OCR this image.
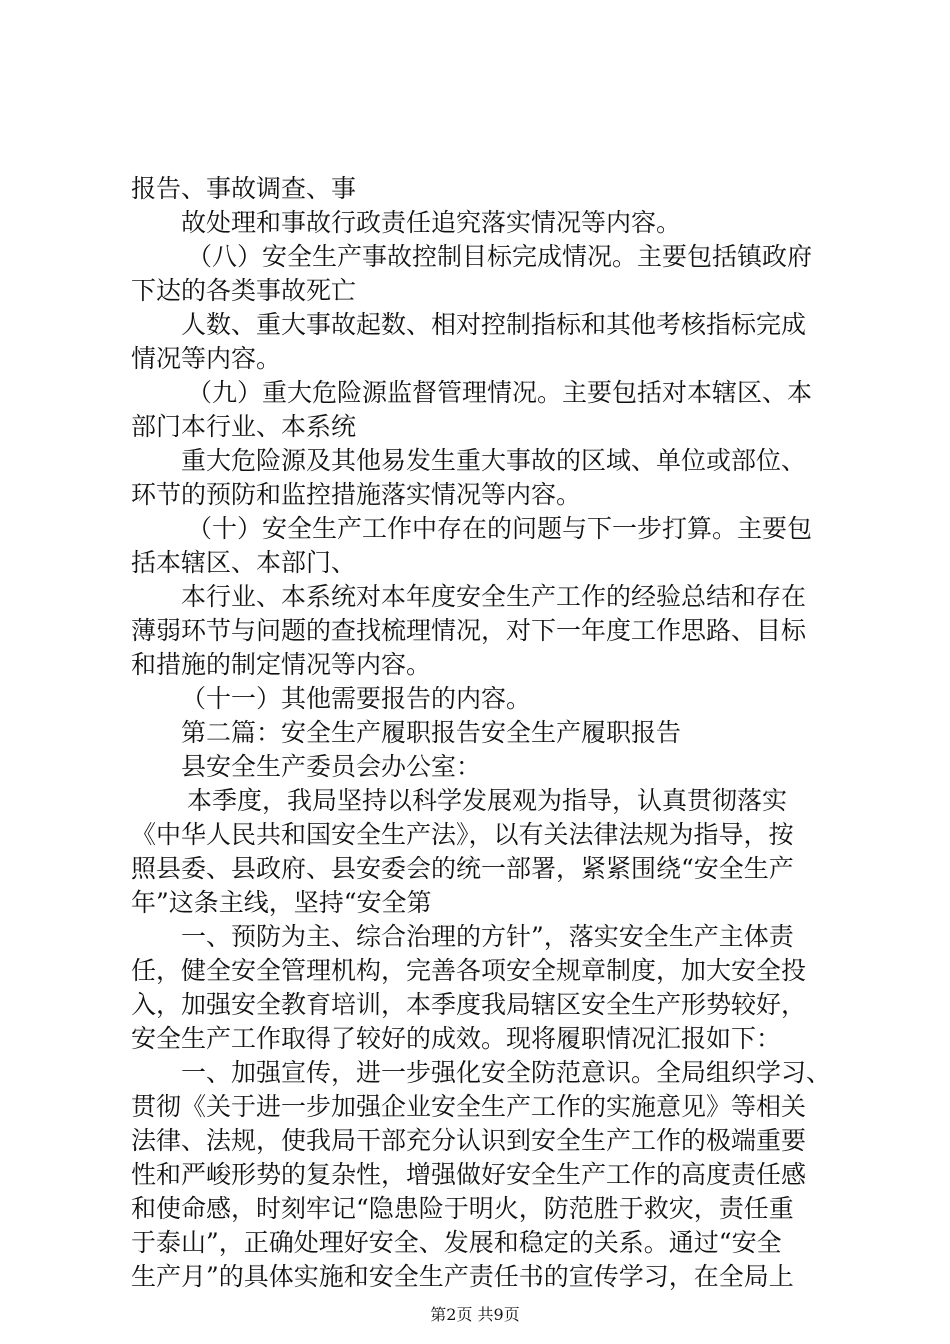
报告、事故调查、事
故处理和事故行政责任追究落实情况等内容。
（八）安全生产事故控制目标完成情况。主要包括镇政府
下达的各类事故死亡
人数、重大事故起数、相对控制指标和其他考核指标完成
情况等内容。
（九）重大危险源监督管理情况。主要包括对本辖区、本
部门本行业、本系统
重大危险源及其他易发生重大事故的区域、单位或部位、
环节的预防和监控措施落实情况等内容。
（十）安全生产工作中存在的问题与下一步打算。主要包
括本辖区、本部门、
本行业、本系统对本年度安全生产工作的经验总结和存在
薄弱环节与问题的查找梳理情况，对下一年度工作思路、目标
和措施的制定情况等内容。
（十一）其他需要报告的内容。
第二篇：安全生产履职报告安全生产履职报告
县安全生产委员会办公室：
本季度，我局坚持以科学发展观为指导，认真贯彻落实
《中华人民共和国安全生产法》，以有关法律法规为指导，按
照县委、县政府、县安委会的统一部署，紧紧围绕“安全生产
年”这条主线，坚持“安全第
一、预防为主、综合治理的方针”，落实安全生产主体责
任，健全安全管理机构，完善各项安全规章制度，加大安全投
入，加强安全教育培训，本季度我局辖区安全生产形势较好，
安全生产工作取得了较好的成效。现将履职情况汇报如下：
一、加强宣传，进一步强化安全防范意识。全局组织学习、
贯彻《关于进一步加强企业安全生产工作的实施意见》等相关
法律、法规，使我局干部充分认识到安全生产工作的极端重要
性和严峻形势的复杂性，增强做好安全生产工作的高度责任感
和使命感，时刻牢记“隐患险于明火，防范胜于救灾，责任重
于泰山”，正确处理好安全、发展和稳定的关系。通过“安全
生产月”的具体实施和安全生产责任书的宣传学习，在全局上
第2页 共9页
